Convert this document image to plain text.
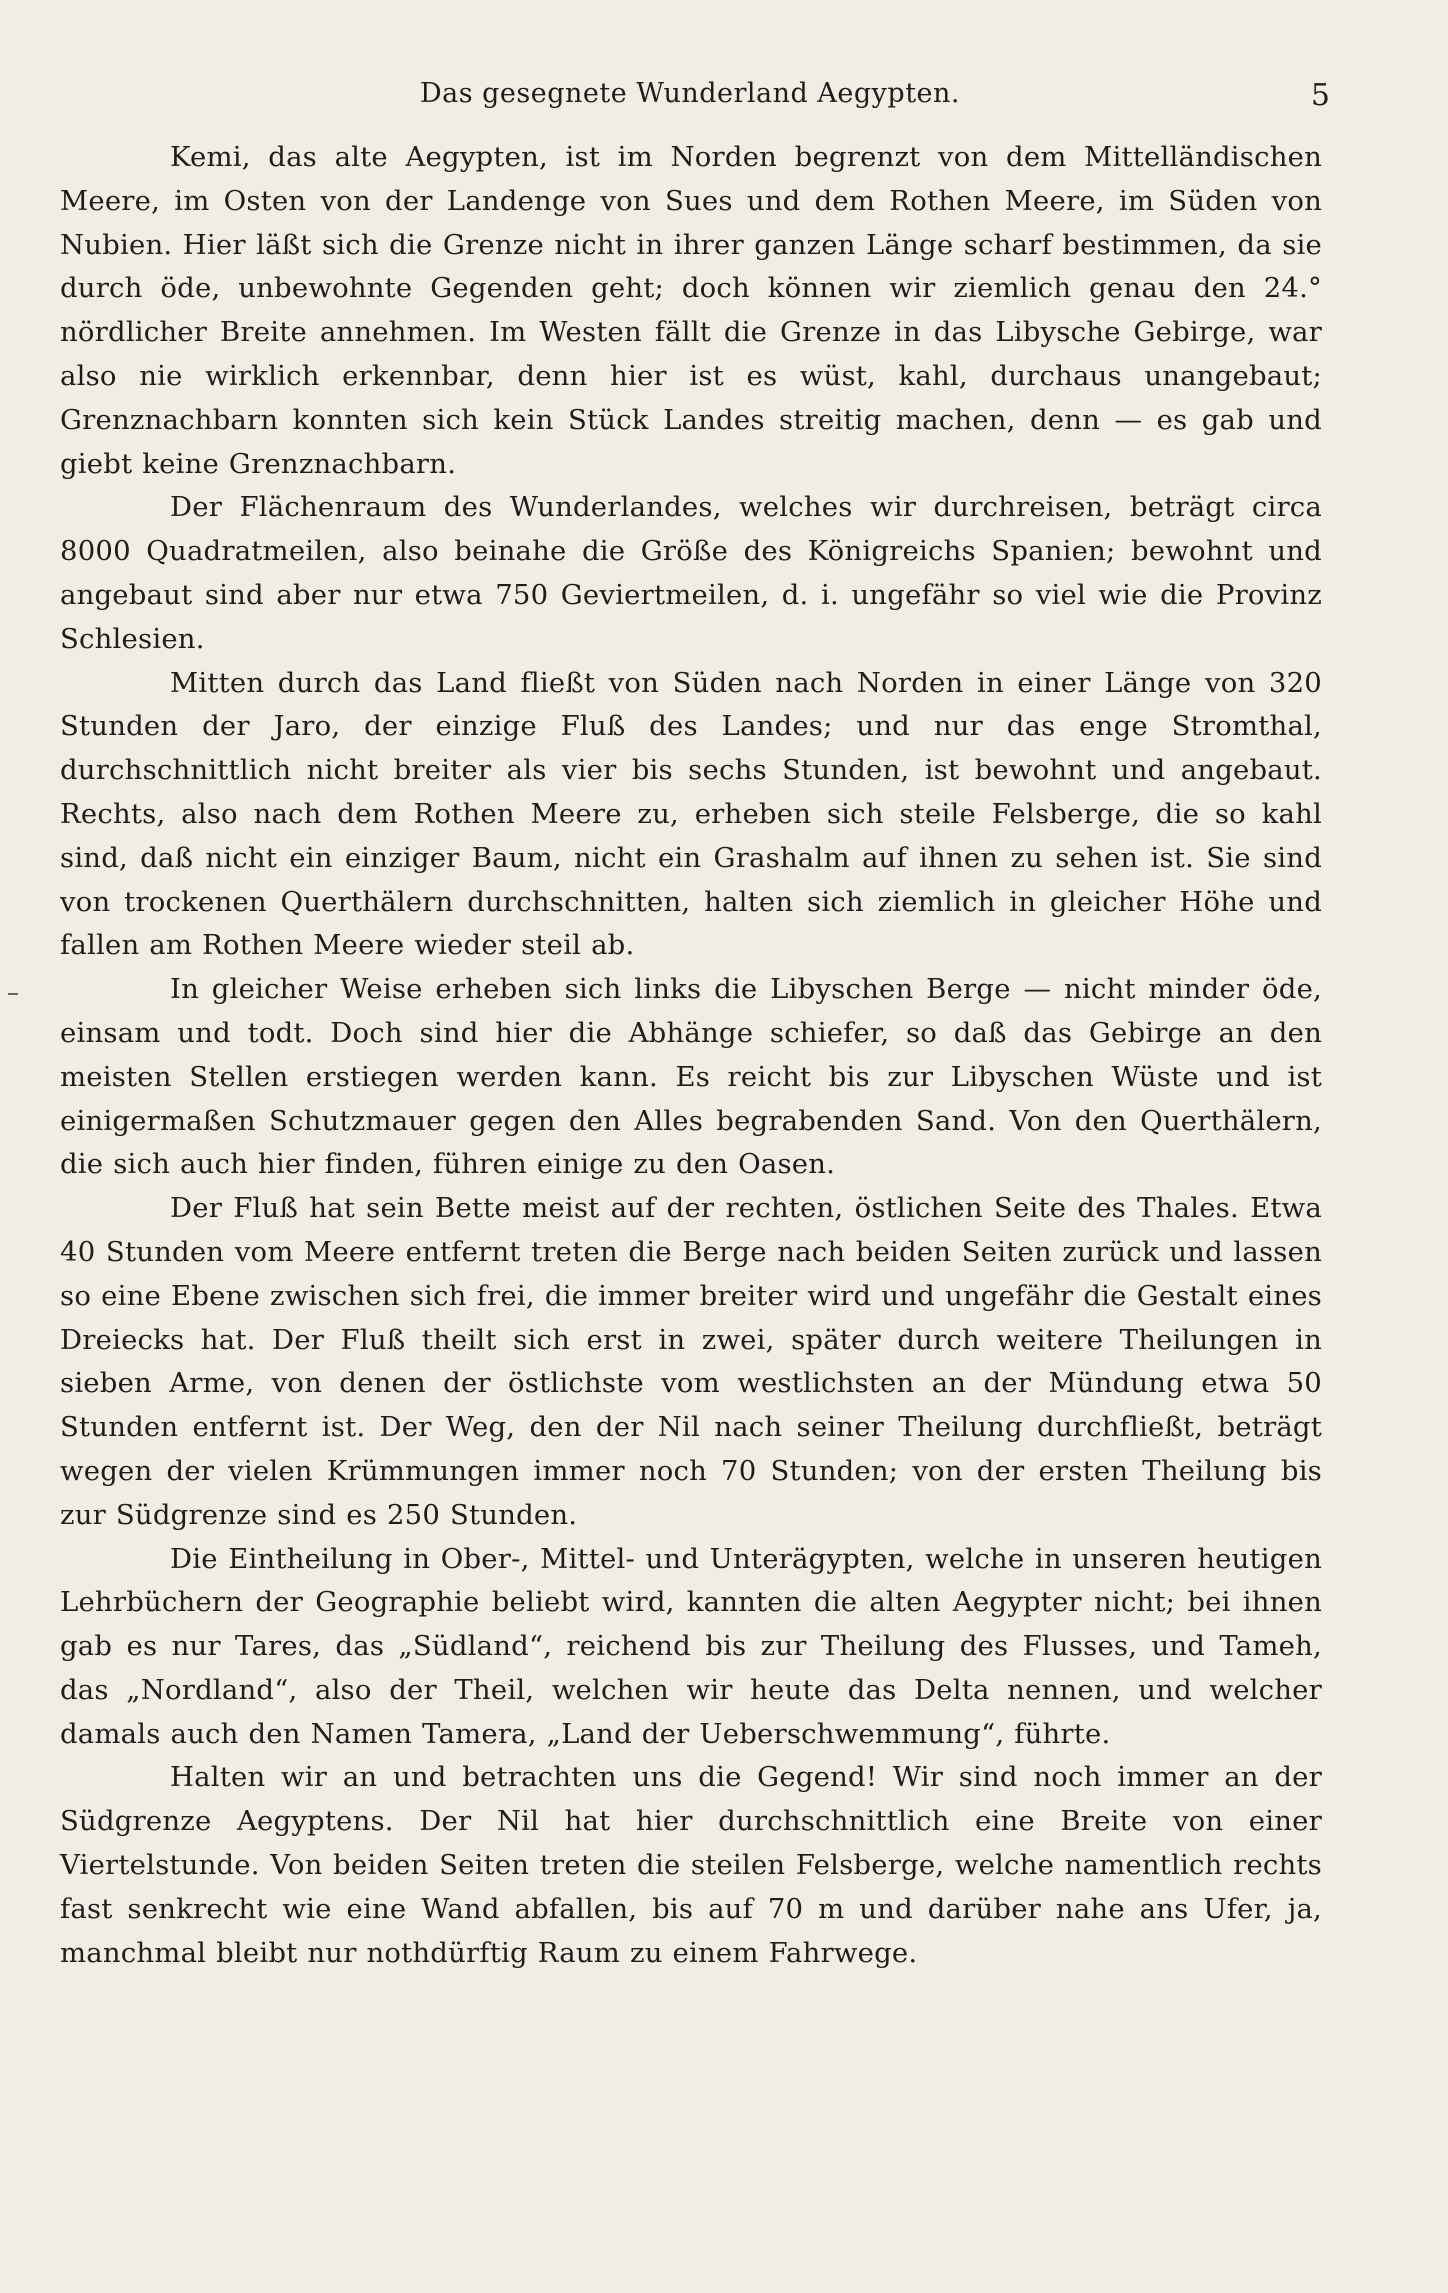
Das gesegnete Wunderland Aegypten.	5

Kemi, das alte Aegypten, ist im Norden begrenzt von dem Mittelländischen Meere, im Osten von der Landenge von Sues und dem Rothen Meere, im Süden von Nubien. Hier läßt sich die Grenze nicht in ihrer ganzen Länge scharf bestimmen, da sie durch öde, unbewohnte Gegenden geht; doch können wir ziemlich genau den 24.° nördlicher Breite annehmen. Im Westen fällt die Grenze in das Libysche Gebirge, war also nie wirklich erkennbar, denn hier ist es wüst, kahl, durchaus unangebaut; Grenznachbarn konnten sich kein Stück Landes streitig machen, denn — es gab und giebt keine Grenznachbarn.

Der Flächenraum des Wunderlandes, welches wir durchreisen, beträgt circa 8000 Quadratmeilen, also beinahe die Größe des Königreichs Spanien; bewohnt und angebaut sind aber nur etwa 750 Geviertmeilen, d. i. ungefähr so viel wie die Provinz Schlesien.

Mitten durch das Land fließt von Süden nach Norden in einer Länge von 320 Stunden der Jaro, der einzige Fluß des Landes; und nur das enge Stromthal, durchschnittlich nicht breiter als vier bis sechs Stunden, ist bewohnt und angebaut. Rechts, also nach dem Rothen Meere zu, erheben sich steile Felsberge, die so kahl sind, daß nicht ein einziger Baum, nicht ein Grashalm auf ihnen zu sehen ist. Sie sind von trockenen Querthälern durchschnitten, halten sich ziemlich in gleicher Höhe und fallen am Rothen Meere wieder steil ab.

In gleicher Weise erheben sich links die Libyschen Berge — nicht minder öde, einsam und todt. Doch sind hier die Abhänge schiefer, so daß das Gebirge an den meisten Stellen erstiegen werden kann. Es reicht bis zur Libyschen Wüste und ist einigermaßen Schutzmauer gegen den Alles begrabenden Sand. Von den Querthälern, die sich auch hier finden, führen einige zu den Oasen.

Der Fluß hat sein Bette meist auf der rechten, östlichen Seite des Thales. Etwa 40 Stunden vom Meere entfernt treten die Berge nach beiden Seiten zurück und lassen so eine Ebene zwischen sich frei, die immer breiter wird und ungefähr die Gestalt eines Dreiecks hat. Der Fluß theilt sich erst in zwei, später durch weitere Theilungen in sieben Arme, von denen der östlichste vom westlichsten an der Mündung etwa 50 Stunden entfernt ist. Der Weg, den der Nil nach seiner Theilung durchfließt, beträgt wegen der vielen Krümmungen immer noch 70 Stunden; von der ersten Theilung bis zur Südgrenze sind es 250 Stunden.

Die Eintheilung in Ober-, Mittel- und Unterägypten, welche in unseren heutigen Lehrbüchern der Geographie beliebt wird, kannten die alten Aegypter nicht; bei ihnen gab es nur Tares, das „Südland“, reichend bis zur Theilung des Flusses, und Tameh, das „Nordland“, also der Theil, welchen wir heute das Delta nennen, und welcher damals auch den Namen Tamera, „Land der Ueberschwemmung“, führte.

Halten wir an und betrachten uns die Gegend! Wir sind noch immer an der Südgrenze Aegyptens. Der Nil hat hier durchschnittlich eine Breite von einer Viertelstunde. Von beiden Seiten treten die steilen Felsberge, welche namentlich rechts fast senkrecht wie eine Wand abfallen, bis auf 70 m und darüber nahe ans Ufer, ja, manchmal bleibt nur nothdürftig Raum zu einem Fahrwege.
